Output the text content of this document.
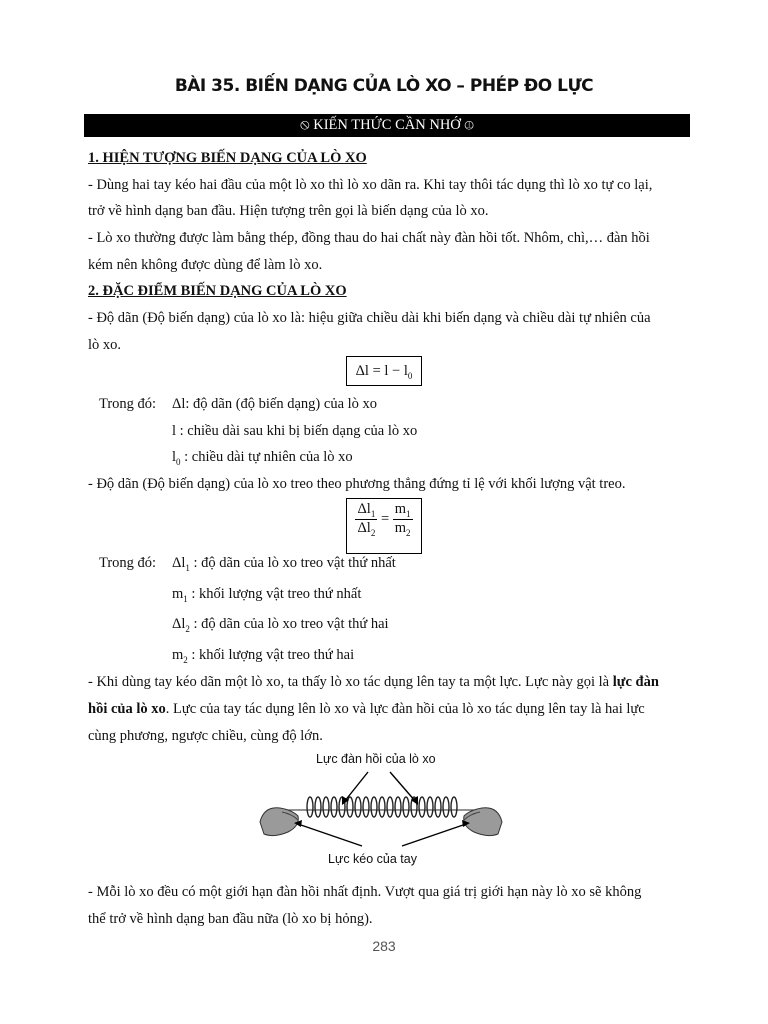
BÀI 35. BIẾN DẠNG CỦA LÒ XO – PHÉP ĐO LỰC
⦸ KIẾN THỨC CẦN NHỚ ⦹
1. HIỆN TƯỢNG BIẾN DẠNG CỦA LÒ XO
- Dùng hai tay kéo hai đầu của một lò xo thì lò xo dãn ra. Khi tay thôi tác dụng thì lò xo tự co lại,
trở về hình dạng ban đầu. Hiện tượng trên gọi là biến dạng của lò xo.
- Lò xo thường được làm bằng thép, đồng thau do hai chất này đàn hồi tốt. Nhôm, chì,… đàn hồi
kém nên không được dùng để làm lò xo.
2. ĐẶC ĐIỂM BIẾN DẠNG CỦA LÒ XO
- Độ dãn (Độ biến dạng) của lò xo là: hiệu giữa chiều dài khi biến dạng và chiều dài tự nhiên của
lò xo.
$\Delta l = l - l_0$
Trong đó:	Δl: độ dãn (độ biến dạng) của lò xo
l : chiều dài sau khi bị biến dạng của lò xo
$l_0$ : chiều dài tự nhiên của lò xo
- Độ dãn (Độ biến dạng) của lò xo treo theo phương thẳng đứng tỉ lệ với khối lượng vật treo.
$\frac{\Delta l_1}{\Delta l_2} = \frac{m_1}{m_2}$
Trong đó:	$\Delta l_1$ : độ dãn của lò xo treo vật thứ nhất
$m_1$ : khối lượng vật treo thứ nhất
$\Delta l_2$ : độ dãn của lò xo treo vật thứ hai
$m_2$ : khối lượng vật treo thứ hai
- Khi dùng tay kéo dãn một lò xo, ta thấy lò xo tác dụng lên tay ta một lực. Lực này gọi là lực đàn
hồi của lò xo. Lực của tay tác dụng lên lò xo và lực đàn hồi của lò xo tác dụng lên tay là hai lực
cùng phương, ngược chiều, cùng độ lớn.
Lực đàn hồi của lò xo
Lực kéo của tay
- Mỗi lò xo đều có một giới hạn đàn hồi nhất định. Vượt qua giá trị giới hạn này lò xo sẽ không
thể trở về hình dạng ban đầu nữa (lò xo bị hỏng).
283
